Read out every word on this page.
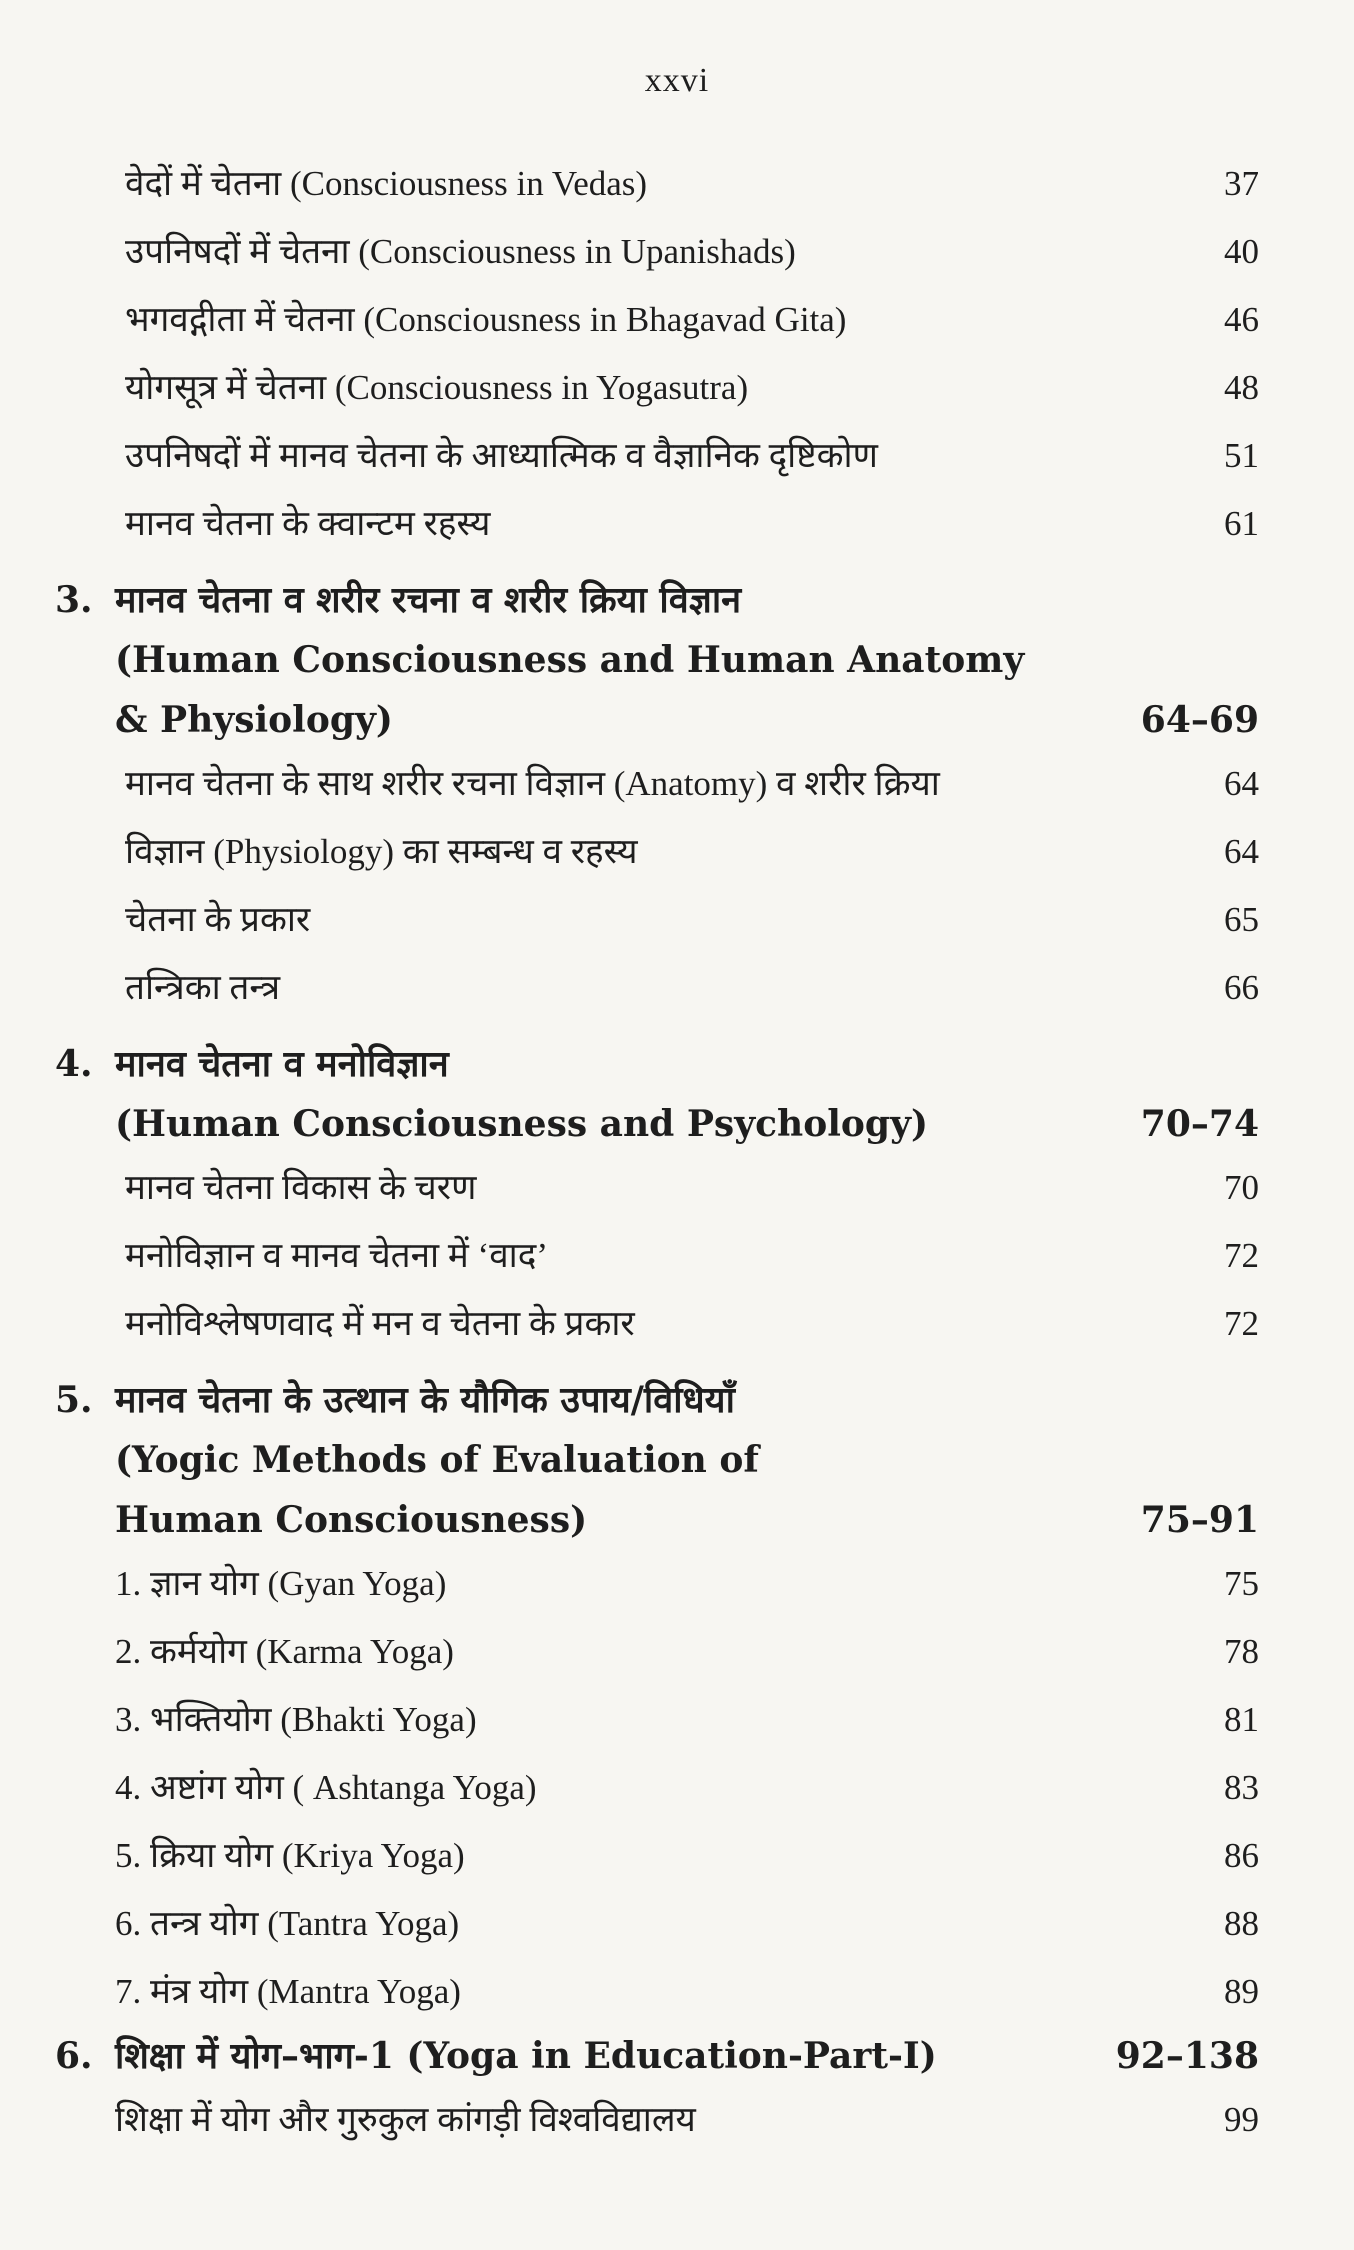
xxvi
वेदों में चेतना (Consciousness in Vedas)	37
उपनिषदों में चेतना (Consciousness in Upanishads)	40
भगवद्गीता में चेतना (Consciousness in Bhagavad Gita)	46
योगसूत्र में चेतना (Consciousness in Yogasutra)	48
उपनिषदों में मानव चेतना के आध्यात्मिक व वैज्ञानिक दृष्टिकोण	51
मानव चेतना के क्वान्टम रहस्य	61
3. मानव चेतना व शरीर रचना व शरीर क्रिया विज्ञान
(Human Consciousness and Human Anatomy
& Physiology)	64–69
मानव चेतना के साथ शरीर रचना विज्ञान (Anatomy) व शरीर क्रिया	64
विज्ञान (Physiology) का सम्बन्ध व रहस्य	64
चेतना के प्रकार	65
तन्त्रिका तन्त्र	66
4. मानव चेतना व मनोविज्ञान
(Human Consciousness and Psychology)	70–74
मानव चेतना विकास के चरण	70
मनोविज्ञान व मानव चेतना में ‘वाद’	72
मनोविश्लेषणवाद में मन व चेतना के प्रकार	72
5. मानव चेतना के उत्थान के यौगिक उपाय/विधियाँ
(Yogic Methods of Evaluation of
Human Consciousness)	75–91
1. ज्ञान योग (Gyan Yoga)	75
2. कर्मयोग (Karma Yoga)	78
3. भक्तियोग (Bhakti Yoga)	81
4. अष्टांग योग ( Ashtanga Yoga)	83
5. क्रिया योग (Kriya Yoga)	86
6. तन्त्र योग (Tantra Yoga)	88
7. मंत्र योग (Mantra Yoga)	89
6. शिक्षा में योग–भाग-1 (Yoga in Education-Part-I)	92–138
शिक्षा में योग और गुरुकुल कांगड़ी विश्वविद्यालय	99
